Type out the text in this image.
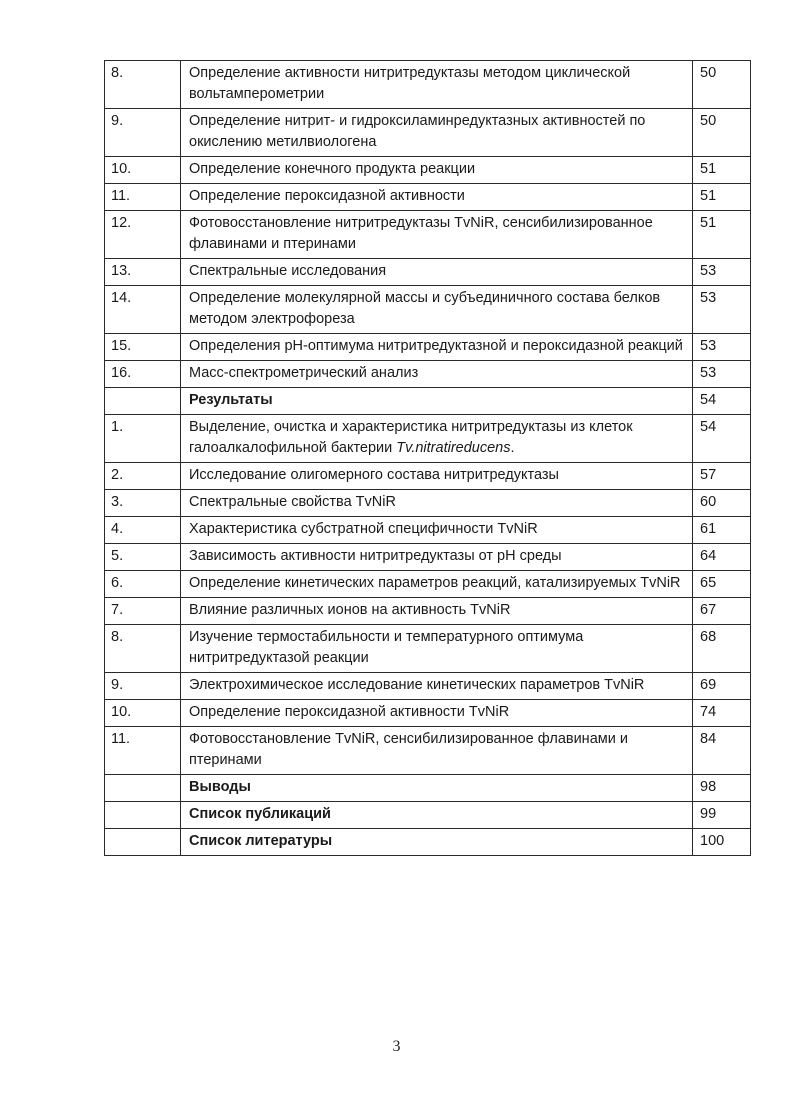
8.	Определение активности нитритредуктазы методом циклической вольтамперометрии	50
9.	Определение нитрит- и гидроксиламинредуктазных активностей по окислению метилвиологена	50
10.	Определение конечного продукта реакции	51
11.	Определение пероксидазной активности	51
12.	Фотовосстановление нитритредуктазы TvNiR, сенсибилизированное флавинами и птеринами	51
13.	Спектральные исследования	53
14.	Определение молекулярной массы и субъединичного состава белков методом электрофореза	53
15.	Определения pH-оптимума нитритредуктазной и пероксидазной реакций	53
16.	Масс-спектрометрический анализ	53
	Результаты	54
1.	Выделение, очистка и характеристика нитритредуктазы из клеток галоалкалофильной бактерии Tv.nitratireducens.	54
2.	Исследование олигомерного состава нитритредуктазы	57
3.	Спектральные свойства TvNiR	60
4.	Характеристика субстратной специфичности TvNiR	61
5.	Зависимость активности нитритредуктазы от pH среды	64
6.	Определение кинетических параметров реакций, катализируемых TvNiR	65
7.	Влияние различных ионов на активность TvNiR	67
8.	Изучение термостабильности и температурного оптимума нитритредуктазой реакции	68
9.	Электрохимическое исследование кинетических параметров TvNiR	69
10.	Определение пероксидазной активности TvNiR	74
11.	Фотовосстановление TvNiR, сенсибилизированное флавинами и птеринами	84
	Выводы	98
	Список публикаций	99
	Список литературы	100
3
